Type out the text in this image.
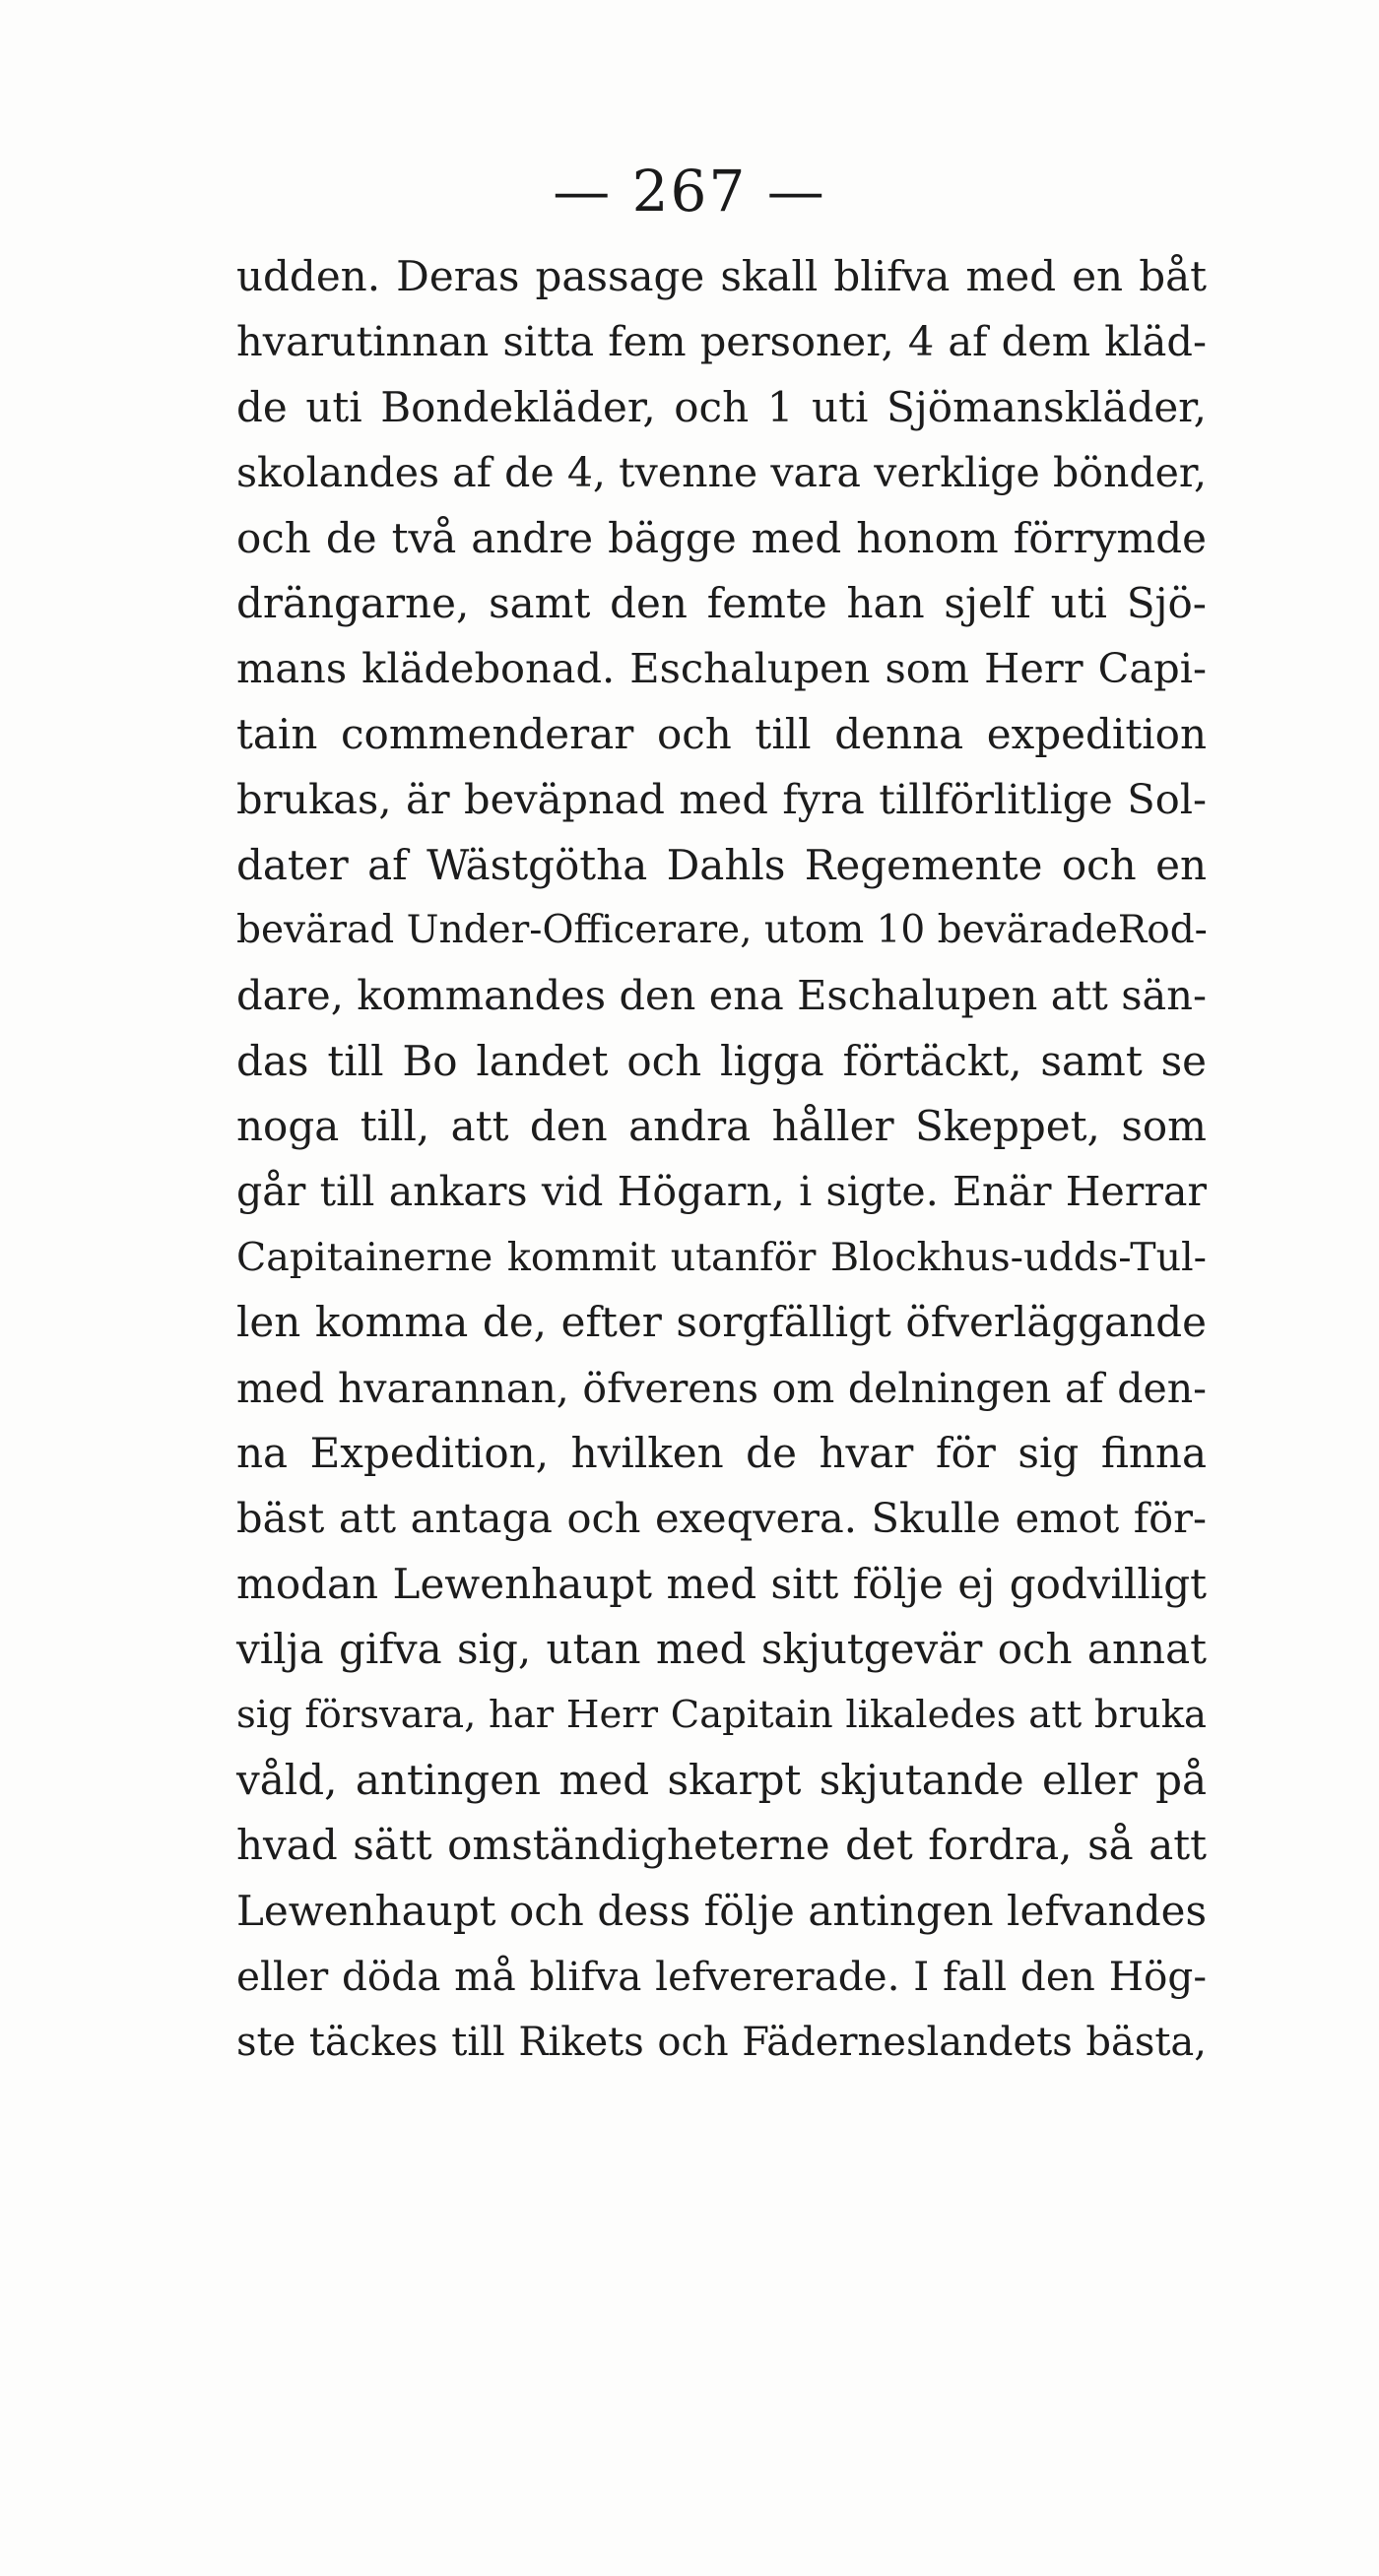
— 267 —
udden. Deras passage skall blifva med en båt
hvarutinnan sitta fem personer, 4 af dem kläd-
de uti Bondekläder, och 1 uti Sjömanskläder,
skolandes af de 4, tvenne vara verklige bönder,
och de två andre bägge med honom förrymde
drängarne, samt den femte han sjelf uti Sjö-
mans klädebonad. Eschalupen som Herr Capi-
tain commenderar och till denna expedition
brukas, är beväpnad med fyra tillförlitlige Sol-
dater af Wästgötha Dahls Regemente och en
bevärad Under-Officerare, utom 10 beväradeRod-
dare, kommandes den ena Eschalupen att sän-
das till Bo landet och ligga förtäckt, samt se
noga till, att den andra håller Skeppet, som
går till ankars vid Högarn, i sigte. Enär Herrar
Capitainerne kommit utanför Blockhus-udds-Tul-
len komma de, efter sorgfälligt öfverläggande
med hvarannan, öfverens om delningen af den-
na Expedition, hvilken de hvar för sig finna
bäst att antaga och exeqvera. Skulle emot för-
modan Lewenhaupt med sitt följe ej godvilligt
vilja gifva sig, utan med skjutgevär och annat
sig försvara, har Herr Capitain likaledes att bruka
våld, antingen med skarpt skjutande eller på
hvad sätt omständigheterne det fordra, så att
Lewenhaupt och dess följe antingen lefvandes
eller döda må blifva lefvererade. I fall den Hög-
ste täckes till Rikets och Fäderneslandets bästa,
